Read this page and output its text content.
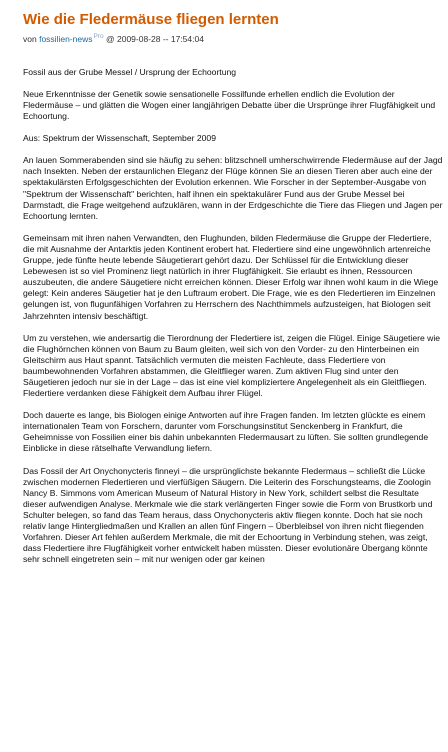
Wie die Fledermäuse fliegen lernten
von fossilien-news$^{Pro}$ @ 2009-08-28 -- 17:54:04

Fossil aus der Grube Messel / Ursprung der Echoortung

Neue Erkenntnisse der Genetik sowie sensationelle Fossilfunde erhellen endlich die Evolution der Fledermäuse – und glätten die Wogen einer langjährigen Debatte über die Ursprünge ihrer Flugfähigkeit und Echoortung.

Aus: Spektrum der Wissenschaft, September 2009

An lauen Sommerabenden sind sie häufig zu sehen: blitzschnell umherschwirrende Fledermäuse auf der Jagd nach Insekten. Neben der erstaunlichen Eleganz der Flüge können Sie an diesen Tieren aber auch eine der spektakulärsten Erfolgsgeschichten der Evolution erkennen. Wie Forscher in der September-Ausgabe von "Spektrum der Wissenschaft" berichten, half ihnen ein spektakulärer Fund aus der Grube Messel bei Darmstadt, die Frage weitgehend aufzuklären, wann in der Erdgeschichte die Tiere das Fliegen und Jagen per Echoortung lernten.

Gemeinsam mit ihren nahen Verwandten, den Flughunden, bilden Fledermäuse die Gruppe der Fledertiere, die mit Ausnahme der Antarktis jeden Kontinent erobert hat. Fledertiere sind eine ungewöhnlich artenreiche Gruppe, jede fünfte heute lebende Säugetierart gehört dazu. Der Schlüssel für die Entwicklung dieser Lebewesen ist so viel Prominenz liegt natürlich in ihrer Flugfähigkeit. Sie erlaubt es ihnen, Ressourcen auszubeuten, die andere Säugetiere nicht erreichen können. Dieser Erfolg war ihnen wohl kaum in die Wiege gelegt: Kein anderes Säugetier hat je den Luftraum erobert. Die Frage, wie es den Fledertieren im Einzelnen gelungen ist, von flugunfähigen Vorfahren zu Herrschern des Nachthimmels aufzusteigen, hat Biologen seit Jahrzehnten intensiv beschäftigt.

Um zu verstehen, wie andersartig die Tierordnung der Fledertiere ist, zeigen die Flügel. Einige Säugetiere wie die Flughörnchen können von Baum zu Baum gleiten, weil sich von den Vorder- zu den Hinterbeinen ein Gleitschirm aus Haut spannt. Tatsächlich vermuten die meisten Fachleute, dass Fledertiere von baumbewohnenden Vorfahren abstammen, die Gleitflieger waren. Zum aktiven Flug sind unter den Säugetieren jedoch nur sie in der Lage – das ist eine viel kompliziertere Angelegenheit als ein Gleitfliegen. Fledertiere verdanken diese Fähigkeit dem Aufbau ihrer Flügel.

Doch dauerte es lange, bis Biologen einige Antworten auf ihre Fragen fanden. Im letzten glückte es einem internationalen Team von Forschern, darunter vom Forschungsinstitut Senckenberg in Frankfurt, die Geheimnisse von Fossilien einer bis dahin unbekannten Fledermausart zu lüften. Sie sollten grundlegende Einblicke in diese rätselhafte Verwandlung liefern.

Das Fossil der Art Onychonycteris finneyi – die ursprünglichste bekannte Fledermaus – schließt die Lücke zwischen modernen Fledertieren und vierfüßigen Säugern. Die Leiterin des Forschungsteams, die Zoologin Nancy B. Simmons vom American Museum of Natural History in New York, schildert selbst die Resultate dieser aufwendigen Analyse. Merkmale wie die stark verlängerten Finger sowie die Form von Brustkorb und Schulter belegen, so fand das Team heraus, dass Onychonycteris aktiv fliegen konnte. Doch hat sie noch relativ lange Hintergliedmaßen und Krallen an allen fünf Fingern – Überbleibsel von ihren nicht fliegenden Vorfahren. Dieser Art fehlen außerdem Merkmale, die mit der Echoortung in Verbindung stehen, was zeigt, dass Fledertiere ihre Flugfähigkeit vorher entwickelt haben müssten. Dieser evolutionäre Übergang könnte sehr schnell eingetreten sein – mit nur wenigen oder gar keinen
